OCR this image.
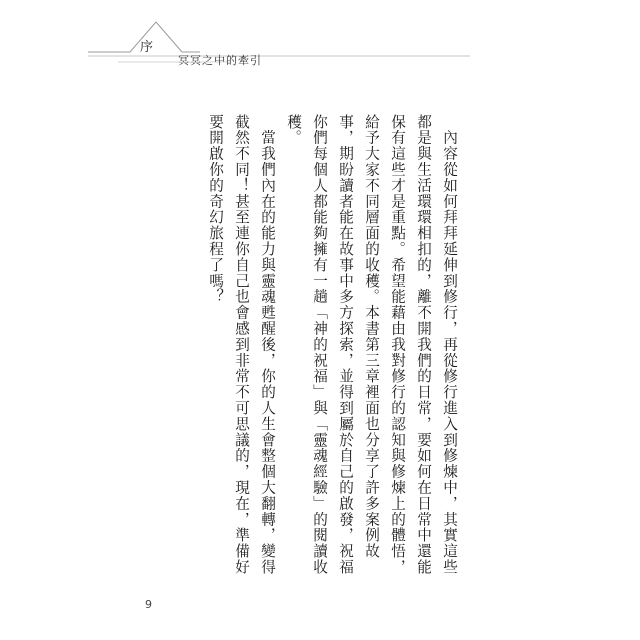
序
冥冥之中的牽引

　內容從如何拜拜延伸到修行，再從修行進入到修煉中，其實這些都是與生活環環相扣的，離不開我們的日常，要如何在日常中還能保有這些才是重點。希望能藉由我對修行的認知與修煉上的體悟，給予大家不同層面的收穫。本書第三章裡面也分享了許多案例故事，期盼讀者能在故事中多方探索，並得到屬於自己的啟發，祝福你們每個人都能夠擁有一趟「神的祝福」與「靈魂經驗」的閱讀收穫。

　當我們內在的能力與靈魂甦醒後，你的人生會整個大翻轉，變得截然不同！甚至連你自己也會感到非常不可思議的，現在，準備好要開啟你的奇幻旅程了嗎？

9
